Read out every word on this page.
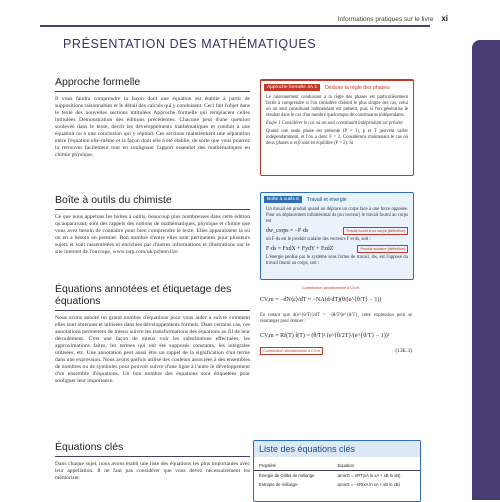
Informations pratiques sur le livre xi
PRÉSENTATION DES MATHÉMATIQUES
Approche formelle
Il vous faudra comprendre la façon dont une équation est établie à partir de suppositions raisonnables et le détail des calculs qui y conduisent. Ceci fait l'objet dans le texte des nouvelles sections intitulées Approche formelle qui remplacent celles intitulées Démonstration des éditions précédentes. Chacune peut d'une question soulevée dans le texte, décrit les développements mathématiques et conduit à une équation ou à une conclusion qui y répond. Ces sections maintiennent une séparation entre l'équation elle-même et la façon dont elle a été établie, de sorte que vous pourrez la retrouver facilement tout en soulignant l'apport essentiel des mathématiques en chimie physique.
Boîte à outils du chimiste
Ce que nous appelons les boîtes à outils, beaucoup plus nombreuses dans cette édition qu'auparavant, sont des rappels des notions de mathématiques, physique et chimie que vous avez besoin de connaître pour bien comprendre le texte. Elles apparaissent là où on en a besoin en premier. Bon nombre d'entre elles sont pertinentes pour plusieurs sujets et sont rassemblées et enrichies par d'autres informations et illustrations sur le site internet de l'ouvrage, www.oup.com/uk/pchem11e/
Équations annotées et étiquetage des équations
Nous avons annoté un grand nombre d'équations pour vous aider à suivre comment elles sont obtenues et utilisées dans les développements formels. Dans certains cas, ces annotations permettent de mieux suivre les transformations des équations au fil de leur déroulement. C'est une façon de mieux voir les substitutions effectuées, les approximations faites, les termes qui ont été supposés constants, les intégrales utilisées, etc. Une annotation peut aussi être un rappel de la signification d'un terme dans une expression. Nous avons parfois utilisé des couleurs associées à des ensembles de nombres ou de symboles pour pouvoir suivre d'une ligne à l'autre le développement d'un ensemble d'équations. Un bon nombre des équations sont étiquetées pour souligner leur importance.
Équations clés
Dans chaque sujet, nous avons établi une liste des équations les plus importantes avec leur appellation. Il ne faut pas considérer que vous devez nécessairement les mémoriser.
Approche formelle 4A.1	Déduire la règle des phases
Le raisonnement conduisant à la règle des phases est particulièrement facile à comprendre si l'on considère d'abord le plus simple des cas, celui où un seul constituant indépendant est présent, puis si l'on généralise le résultat dans le cas d'un nombre quelconque de constituants indépendants.
Étape 1 Considérer le cas où un seul constituant indépendant est présent
Quand une seule phase est présente (P = 1), p et T peuvent varier indépendamment, et l'on a donc F = 2. Considérons maintenant le cas où deux phases α et β sont en équilibre (P = 2). Si
Boîte à outils 6	Travail et énergie
Un travail est produit quand on déplace un corps face à une force opposée. Pour un déplacement infinitésimal ds (un vecteur) le travail fourni au corps est
dw_corps = −F·ds	Travail fourni à un corps [définition]
où F·ds est le produit scalaire des vecteurs F et ds, soit :
F·ds = FxdX + FydY + FzdZ	Produit scalaire [définition]
L'énergie perdue par le système sous forme de travail, dw, est l'opposé du travail fourni au corps, soit :
Contribution vibrationnelle à CV,m
CV,m = −dN⟨ε⟩/dT = −NA(d/dT)(θ/(e^{θ/T} − 1))
En notant que d(e^{θ/T})/dT = −(θ/T²)e^{θ/T}, cette expression peut se réarranger pour donner :
CV,m = Rf(T) f(T) = (θ/T)² (e^{θ/2T}/(e^{θ/T} − 1))²
Contribution vibrationnelle à CV,m	(13E.3)
Liste des équations clés
Propriété	Équation
Énergie de Gibbs de mélange	ΔmixG = nRT(xA ln xA + xB ln xB)
Entropie de mélange	ΔmixS = −nR(xA ln xA + xB ln xB)
